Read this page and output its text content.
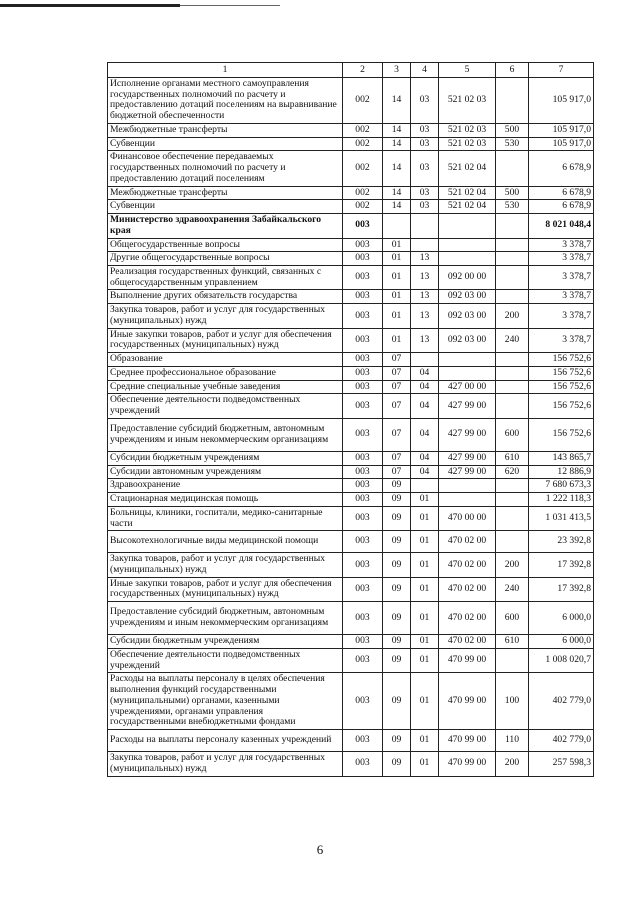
1	2	3	4	5	6	7
Исполнение органами местного самоуправления государственных полномочий по расчету и предоставлению дотаций поселениям на выравнивание бюджетной обеспеченности	002	14	03	521 02 03		105 917,0
Межбюджетные трансферты	002	14	03	521 02 03	500	105 917,0
Субвенции	002	14	03	521 02 03	530	105 917,0
Финансовое обеспечение передаваемых государственных полномочий по расчету и предоставлению дотаций поселениям	002	14	03	521 02 04		6 678,9
Межбюджетные трансферты	002	14	03	521 02 04	500	6 678,9
Субвенции	002	14	03	521 02 04	530	6 678,9
Министерство здравоохранения Забайкальского края	003					8 021 048,4
Общегосударственные вопросы	003	01				3 378,7
Другие общегосударственные вопросы	003	01	13			3 378,7
Реализация государственных функций, связанных с общегосударственным управлением	003	01	13	092 00 00		3 378,7
Выполнение других обязательств государства	003	01	13	092 03 00		3 378,7
Закупка товаров, работ и услуг для государственных (муниципальных) нужд	003	01	13	092 03 00	200	3 378,7
Иные закупки товаров, работ и услуг для обеспечения государственных (муниципальных) нужд	003	01	13	092 03 00	240	3 378,7
Образование	003	07				156 752,6
Среднее профессиональное образование	003	07	04			156 752,6
Средние специальные учебные заведения	003	07	04	427 00 00		156 752,6
Обеспечение деятельности подведомственных учреждений	003	07	04	427 99 00		156 752,6
Предоставление субсидий бюджетным, автономным учреждениям и иным некоммерческим организациям	003	07	04	427 99 00	600	156 752,6
Субсидии бюджетным учреждениям	003	07	04	427 99 00	610	143 865,7
Субсидии автономным учреждениям	003	07	04	427 99 00	620	12 886,9
Здравоохранение	003	09				7 680 673,3
Стационарная медицинская помощь	003	09	01			1 222 118,3
Больницы, клиники, госпитали, медико-санитарные части	003	09	01	470 00 00		1 031 413,5
Высокотехнологичные виды медицинской помощи	003	09	01	470 02 00		23 392,8
Закупка товаров, работ и услуг для государственных (муниципальных) нужд	003	09	01	470 02 00	200	17 392,8
Иные закупки товаров, работ и услуг для обеспечения государственных (муниципальных) нужд	003	09	01	470 02 00	240	17 392,8
Предоставление субсидий бюджетным, автономным учреждениям и иным некоммерческим организациям	003	09	01	470 02 00	600	6 000,0
Субсидии бюджетным учреждениям	003	09	01	470 02 00	610	6 000,0
Обеспечение деятельности подведомственных учреждений	003	09	01	470 99 00		1 008 020,7
Расходы на выплаты персоналу в целях обеспечения выполнения функций государственными (муниципальными) органами, казенными учреждениями, органами управления государственными внебюджетными фондами	003	09	01	470 99 00	100	402 779,0
Расходы на выплаты персоналу казенных учреждений	003	09	01	470 99 00	110	402 779,0
Закупка товаров, работ и услуг для государственных (муниципальных) нужд	003	09	01	470 99 00	200	257 598,3
6
